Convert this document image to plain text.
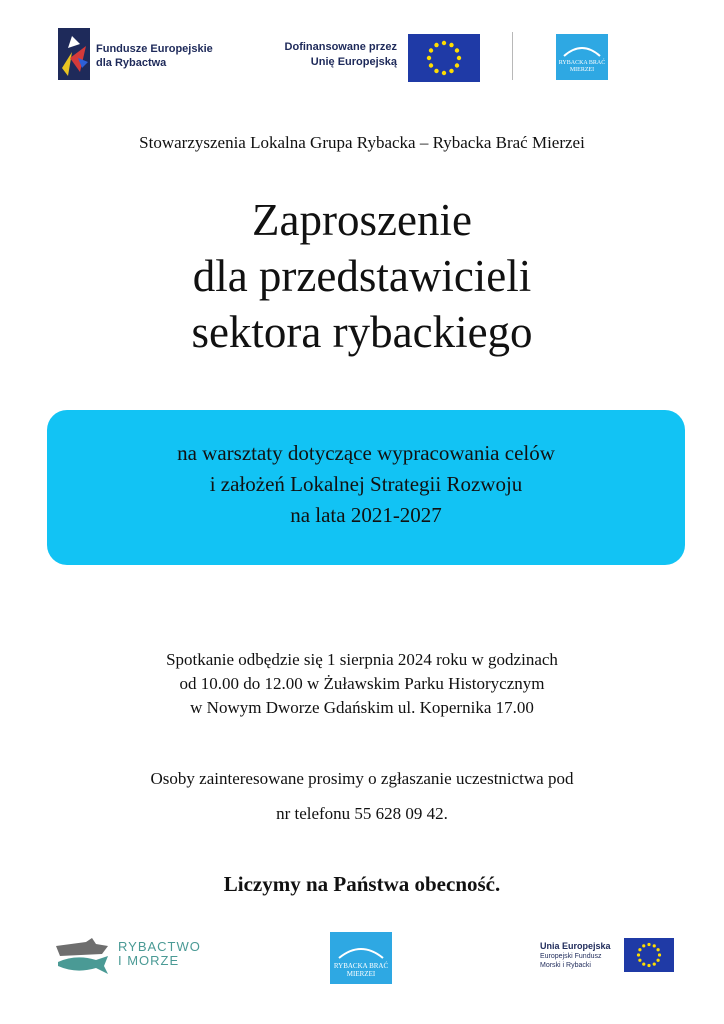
Fundusze Europejskie
dla Rybactwa
Dofinansowane przez
Unię Europejską	RYBACKA BRAĆ
MIERZEI
Stowarzyszenia Lokalna Grupa Rybacka – Rybacka Brać Mierzei
Zaproszenie
dla przedstawicieli
sektora rybackiego
na warsztaty dotyczące wypracowania celów
i założeń Lokalnej Strategii Rozwoju
na lata 2021-2027
Spotkanie odbędzie się 1 sierpnia 2024 roku w godzinach
od 10.00 do 12.00 w Żuławskim Parku Historycznym
w Nowym Dworze Gdańskim ul. Kopernika 17.00
Osoby zainteresowane prosimy o zgłaszanie uczestnictwa pod
nr telefonu 55 628 09 42.
Liczymy na Państwa obecność.
RYBACTWO
I MORZE	RYBACKA BRAĆ
MIERZEI
Unia Europejska
Europejski Fundusz
Morski i Rybacki
